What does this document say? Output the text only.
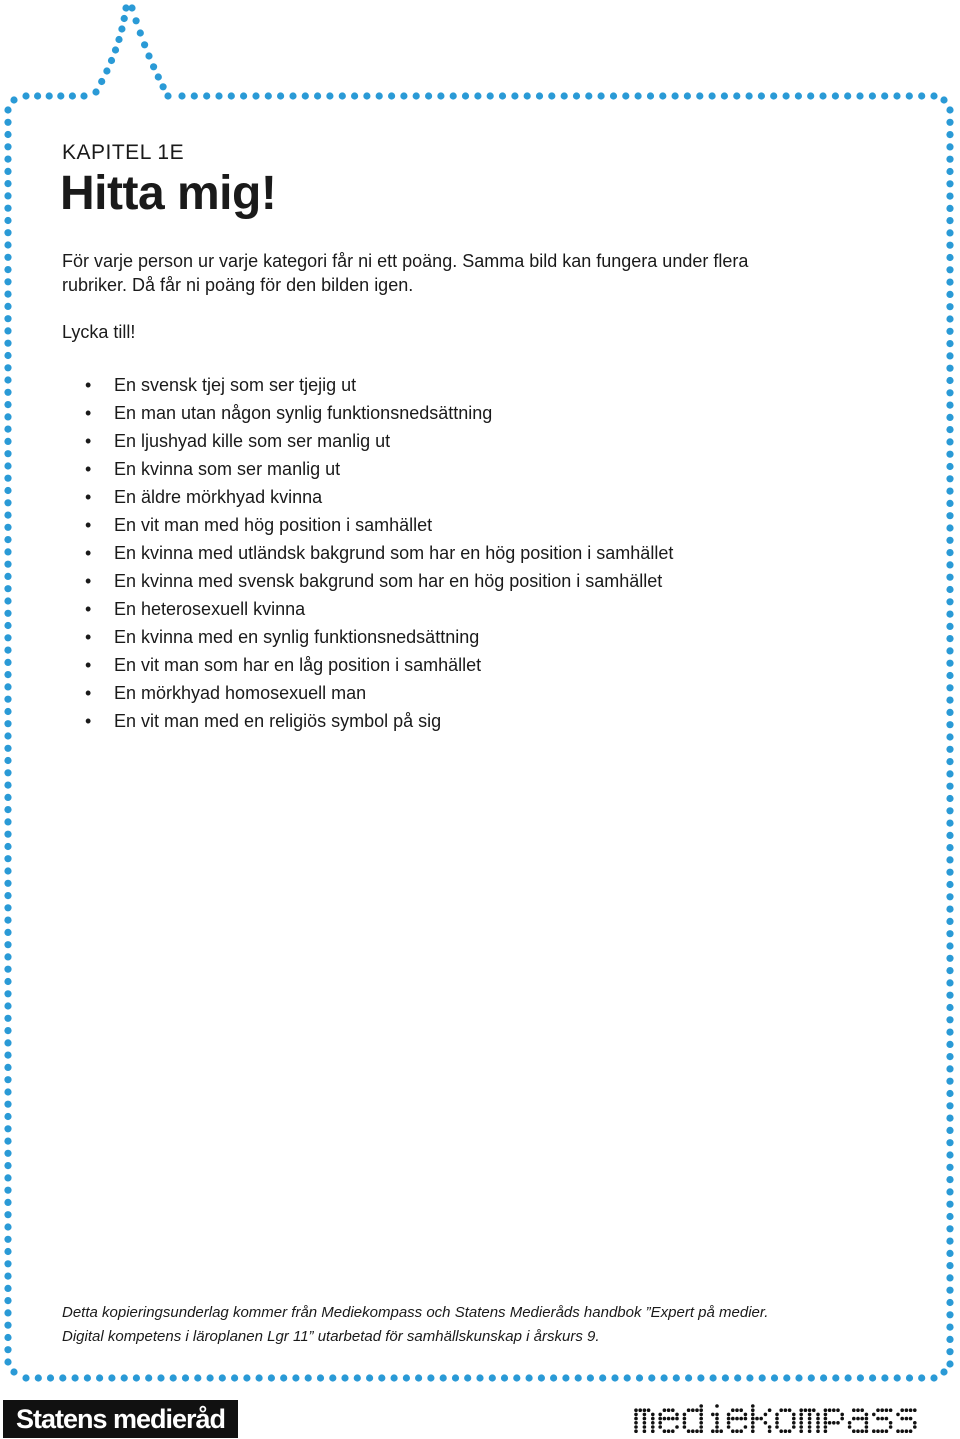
KAPITEL 1E
Hitta mig!

För varje person ur varje kategori får ni ett poäng. Samma bild kan fungera under flera
rubriker. Då får ni poäng för den bilden igen.

Lycka till!

• En svensk tjej som ser tjejig ut
• En man utan någon synlig funktionsnedsättning
• En ljushyad kille som ser manlig ut
• En kvinna som ser manlig ut
• En äldre mörkhyad kvinna
• En vit man med hög position i samhället
• En kvinna med utländsk bakgrund som har en hög position i samhället
• En kvinna med svensk bakgrund som har en hög position i samhället
• En heterosexuell kvinna
• En kvinna med en synlig funktionsnedsättning
• En vit man som har en låg position i samhället
• En mörkhyad homosexuell man
• En vit man med en religiös symbol på sig

Detta kopieringsunderlag kommer från Mediekompass och Statens Medieråds handbok ”Expert på medier.
Digital kompetens i läroplanen Lgr 11” utarbetad för samhällskunskap i årskurs 9.

Statens medieråd
